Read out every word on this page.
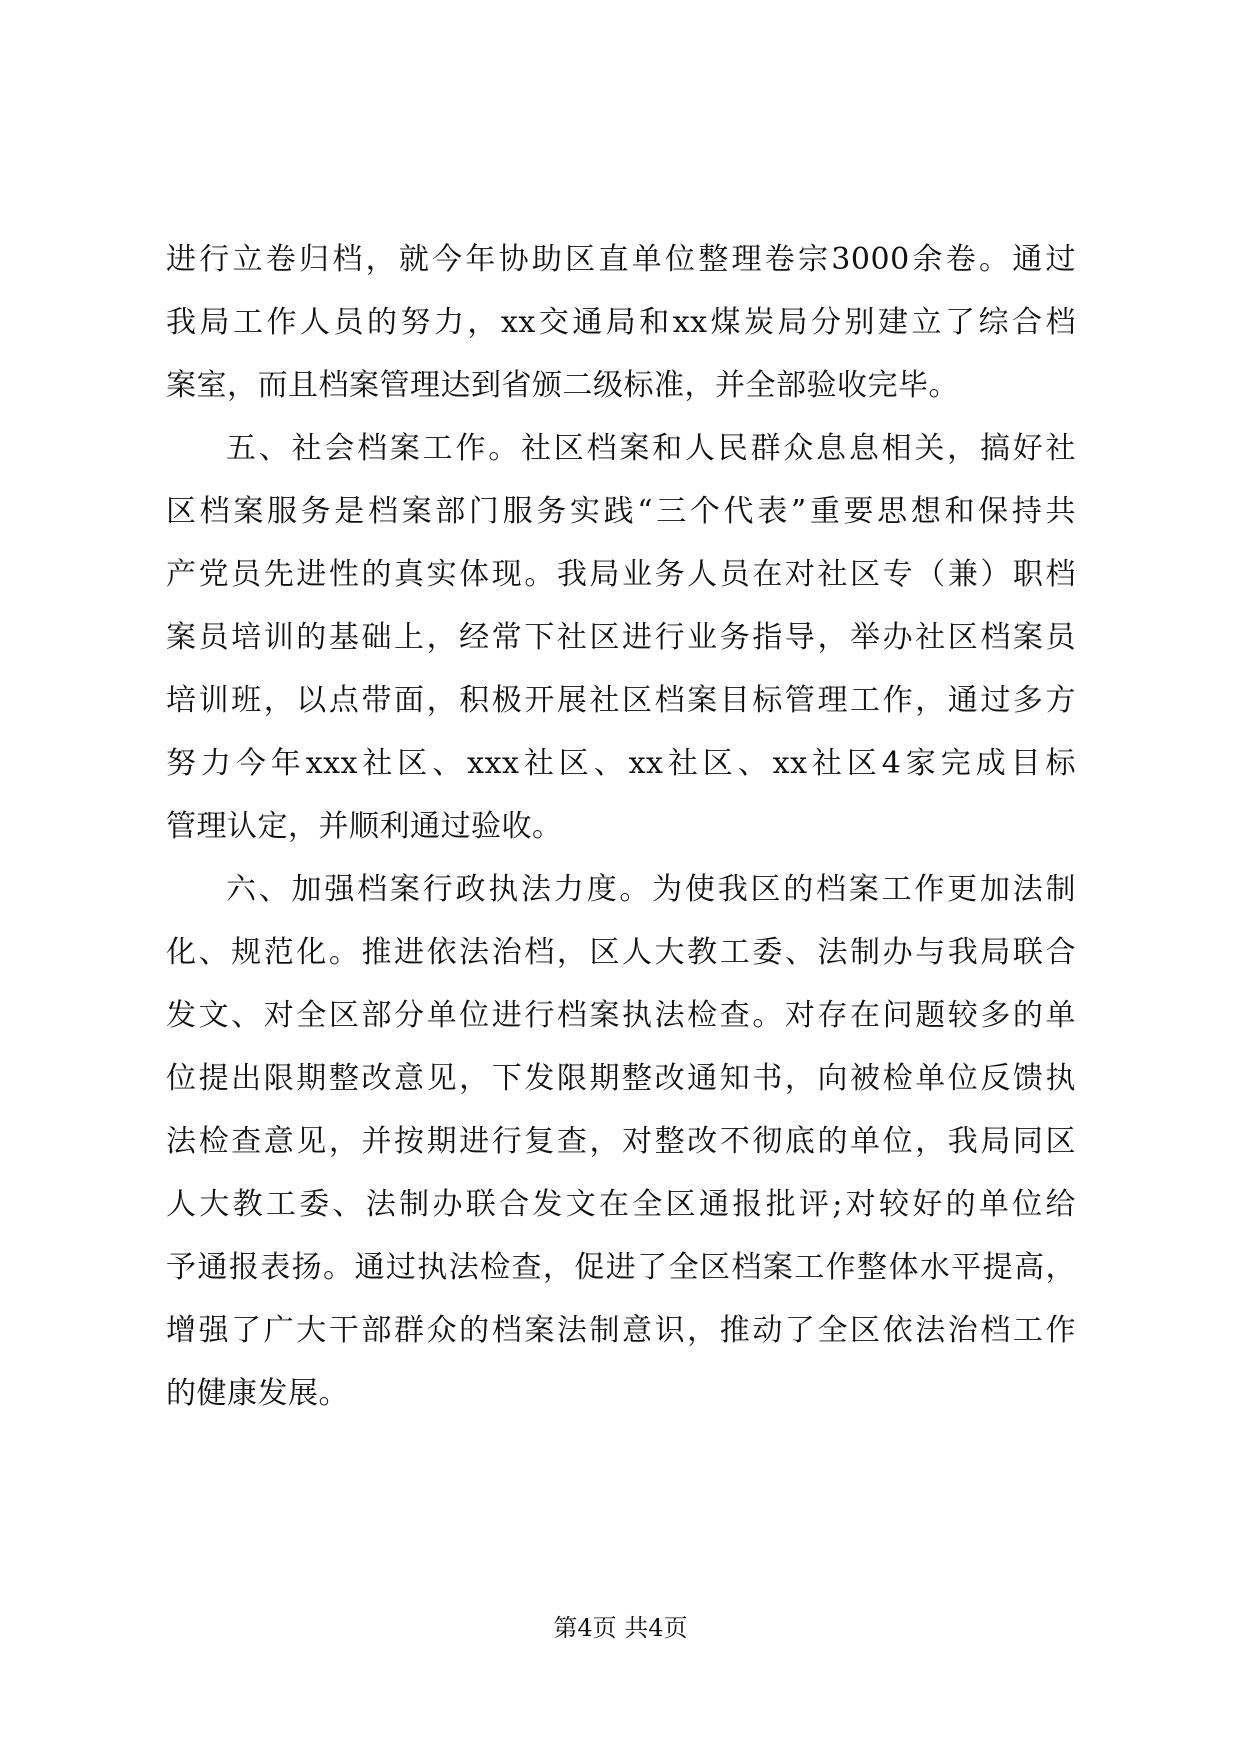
进行立卷归档，就今年协助区直单位整理卷宗3000余卷。通过
我局工作人员的努力，xx交通局和xx煤炭局分别建立了综合档
案室，而且档案管理达到省颁二级标准，并全部验收完毕。
五、社会档案工作。社区档案和人民群众息息相关，搞好社
区档案服务是档案部门服务实践“三个代表”重要思想和保持共
产党员先进性的真实体现。我局业务人员在对社区专（兼）职档
案员培训的基础上，经常下社区进行业务指导，举办社区档案员
培训班，以点带面，积极开展社区档案目标管理工作，通过多方
努力今年xxx社区、xxx社区、xx社区、xx社区4家完成目标
管理认定，并顺利通过验收。
六、加强档案行政执法力度。为使我区的档案工作更加法制
化、规范化。推进依法治档，区人大教工委、法制办与我局联合
发文、对全区部分单位进行档案执法检查。对存在问题较多的单
位提出限期整改意见，下发限期整改通知书，向被检单位反馈执
法检查意见，并按期进行复查，对整改不彻底的单位，我局同区
人大教工委、法制办联合发文在全区通报批评;对较好的单位给
予通报表扬。通过执法检查，促进了全区档案工作整体水平提高，
增强了广大干部群众的档案法制意识，推动了全区依法治档工作
的健康发展。
第4页 共4页
